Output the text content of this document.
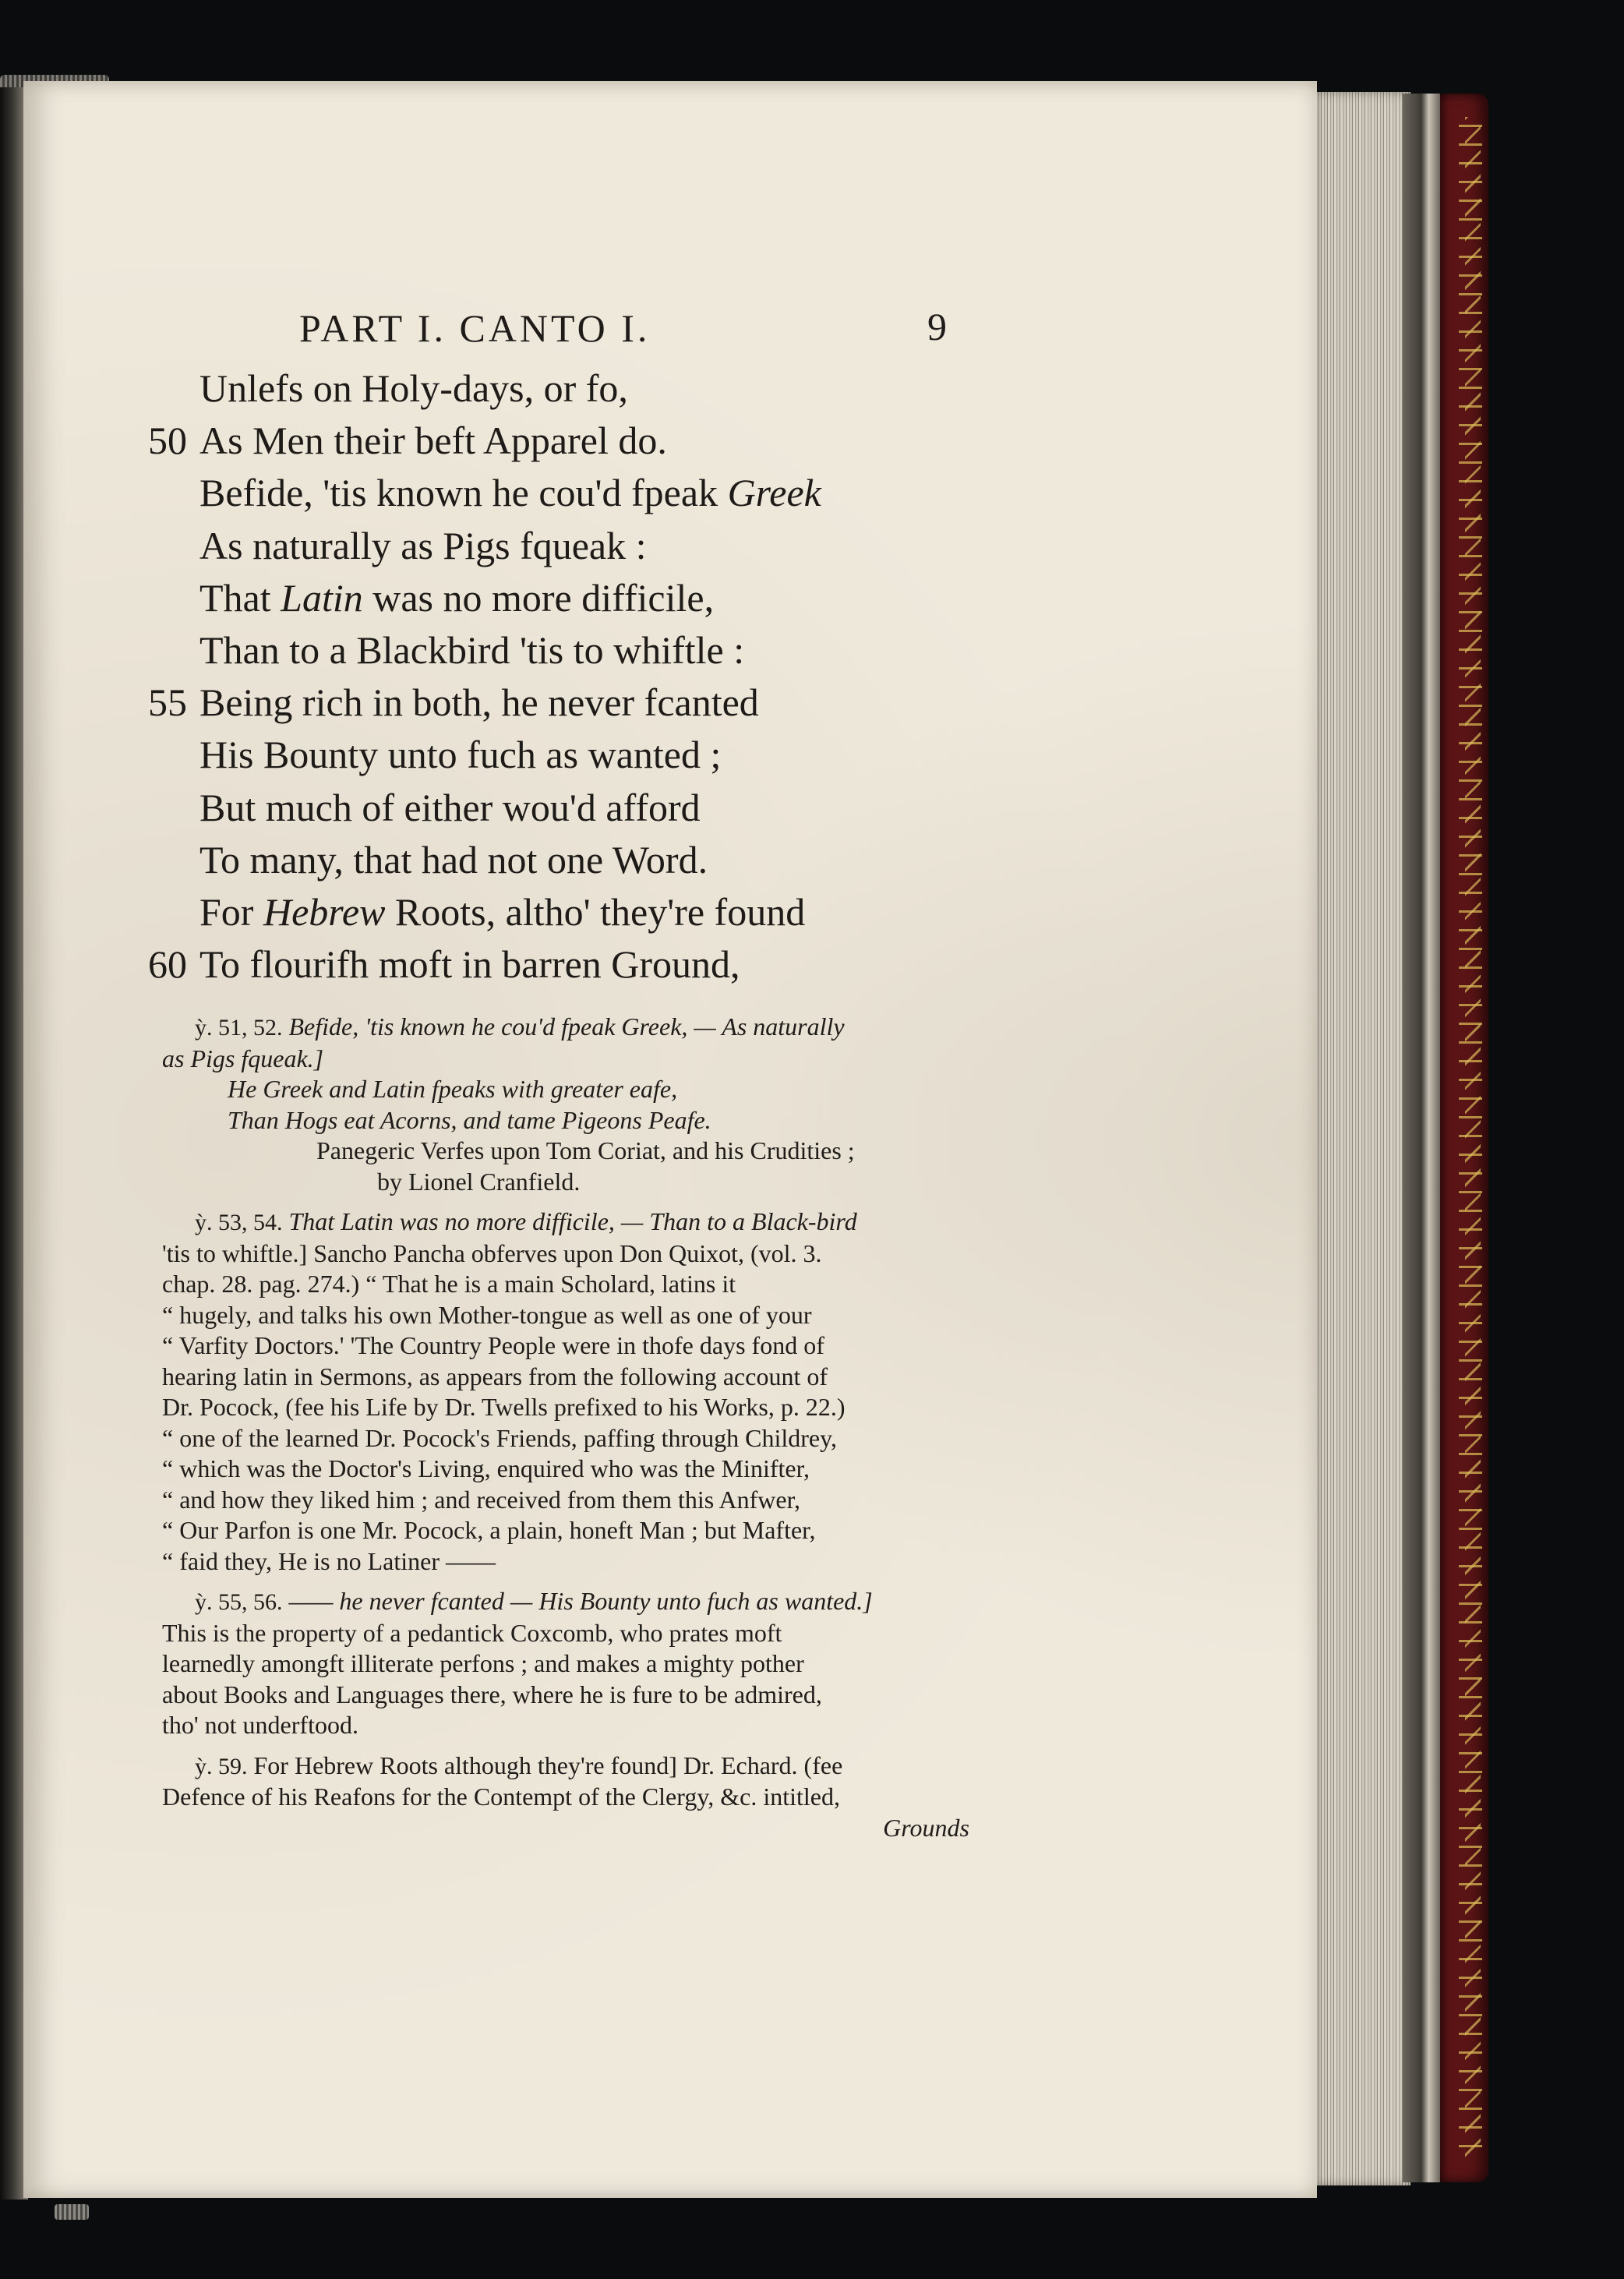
PART I. CANTO I.	9
Unlefs on Holy-days, or fo,
50 As Men their beft Apparel do.
Befide, 'tis known he cou'd fpeak Greek
As naturally as Pigs fqueak :
That Latin was no more difficile,
Than to a Blackbird 'tis to whiftle :
55 Being rich in both, he never fcanted
His Bounty unto fuch as wanted ;
But much of either wou'd afford
To many, that had not one Word.
For Hebrew Roots, altho' they're found
60 To flourifh moft in barren Ground,

ỳ. 51, 52. Befide, 'tis known he cou'd fpeak Greek, — As naturally

as Pigs fqueak.]

He Greek and Latin fpeaks with greater eafe,

Than Hogs eat Acorns, and tame Pigeons Peafe.

Panegeric Verfes upon Tom Coriat, and his Crudities ;

by Lionel Cranfield.

ỳ. 53, 54. That Latin was no more difficile, — Than to a Black-bird

'tis to whiftle.] Sancho Pancha obferves upon Don Quixot, (vol. 3.

chap. 28. pag. 274.) “ That he is a main Scholard, latins it

“ hugely, and talks his own Mother-tongue as well as one of your

“ Varfity Doctors.' 'The Country People were in thofe days fond of

hearing latin in Sermons, as appears from the following account of

Dr. Pocock, (fee his Life by Dr. Twells prefixed to his Works, p. 22.)

“ one of the learned Dr. Pocock's Friends, paffing through Childrey,

“ which was the Doctor's Living, enquired who was the Minifter,

“ and how they liked him ; and received from them this Anfwer,

“ Our Parfon is one Mr. Pocock, a plain, honeft Man ; but Mafter,

“ faid they, He is no Latiner ——

ỳ. 55, 56. —— he never fcanted — His Bounty unto fuch as wanted.]

This is the property of a pedantick Coxcomb, who prates moft

learnedly amongft illiterate perfons ; and makes a mighty pother

about Books and Languages there, where he is fure to be admired,

tho' not underftood.

ỳ. 59. For Hebrew Roots although they're found] Dr. Echard. (fee

Defence of his Reafons for the Contempt of the Clergy, &c. intitled,

Grounds
